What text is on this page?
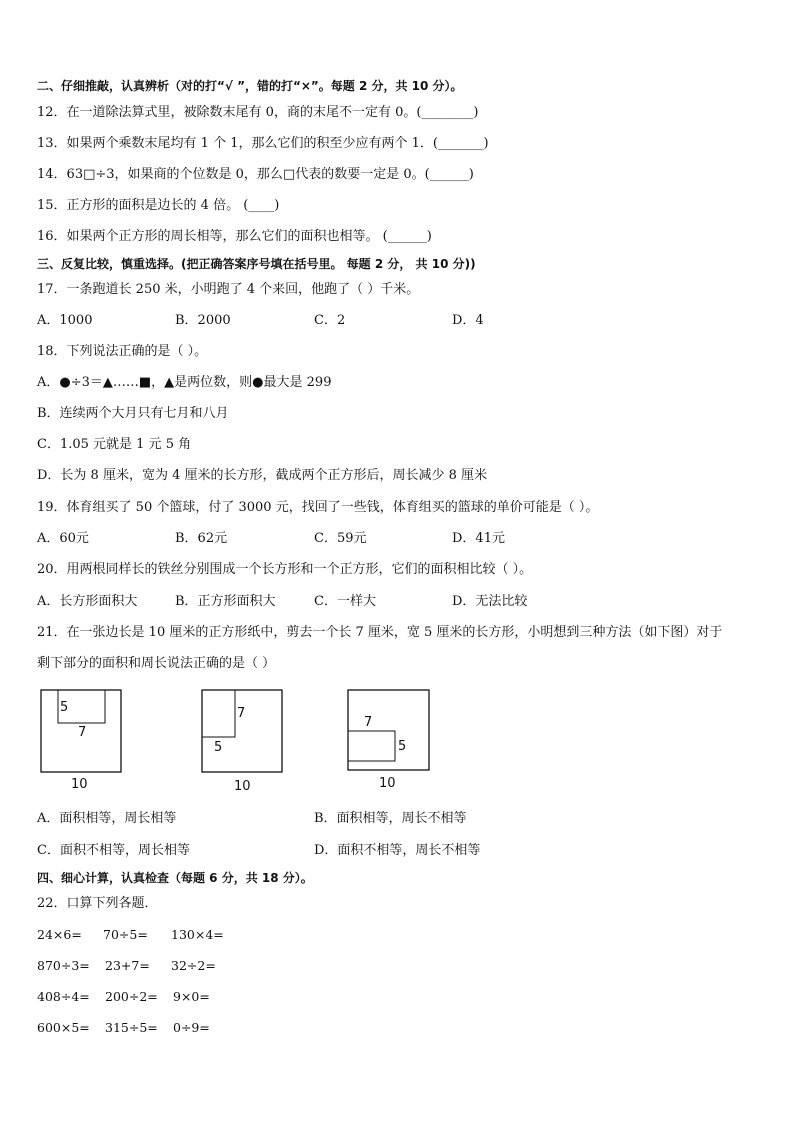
二、仔细推敲，认真辨析（对的打“√ ”，错的打“×”。每题 2 分，共 10 分）。
12．在一道除法算式里，被除数末尾有 0，商的末尾不一定有 0。(________)
13．如果两个乘数末尾均有 1 个 1，那么它们的积至少应有两个 1．(_______)
14．63□÷3，如果商的个位数是 0，那么□代表的数要一定是 0。(______)
15．正方形的面积是边长的 4 倍。 (____)
16．如果两个正方形的周长相等，那么它们的面积也相等。 (______)
三、反复比较，慎重选择。(把正确答案序号填在括号里。 每题 2 分， 共 10 分))
17．一条跑道长 250 米，小明跑了 4 个来回，他跑了（ ）千米。
A．1000	B．2000	C．2	D．4
18．下列说法正确的是（ ）。
A．●÷3＝▲……■，▲是两位数，则●最大是 299
B．连续两个大月只有七月和八月
C．1.05 元就是 1 元 5 角
D．长为 8 厘米，宽为 4 厘米的长方形，截成两个正方形后，周长减少 8 厘米
19．体育组买了 50 个篮球，付了 3000 元，找回了一些钱，体育组买的篮球的单价可能是（ ）。
A．60元	B．62元	C．59元	D．41元
20．用两根同样长的铁丝分别围成一个长方形和一个正方形，它们的面积相比较（ ）。
A．长方形面积大	B．正方形面积大	C．一样大	D．无法比较
21．在一张边长是 10 厘米的正方形纸中，剪去一个长 7 厘米，宽 5 厘米的长方形，小明想到三种方法（如下图）对于
剩下部分的面积和周长说法正确的是（ ）
5
7
10
7
5
10
7
5
10
A．面积相等，周长相等	B．面积相等，周长不相等
C．面积不相等，周长相等	D．面积不相等，周长不相等
四、细心计算，认真检查（每题 6 分，共 18 分）。
22．口算下列各题．
24×6= 70÷5= 130×4=
870÷3= 23+7= 32÷2=
408÷4= 200÷2= 9×0=
600×5= 315÷5= 0÷9=
